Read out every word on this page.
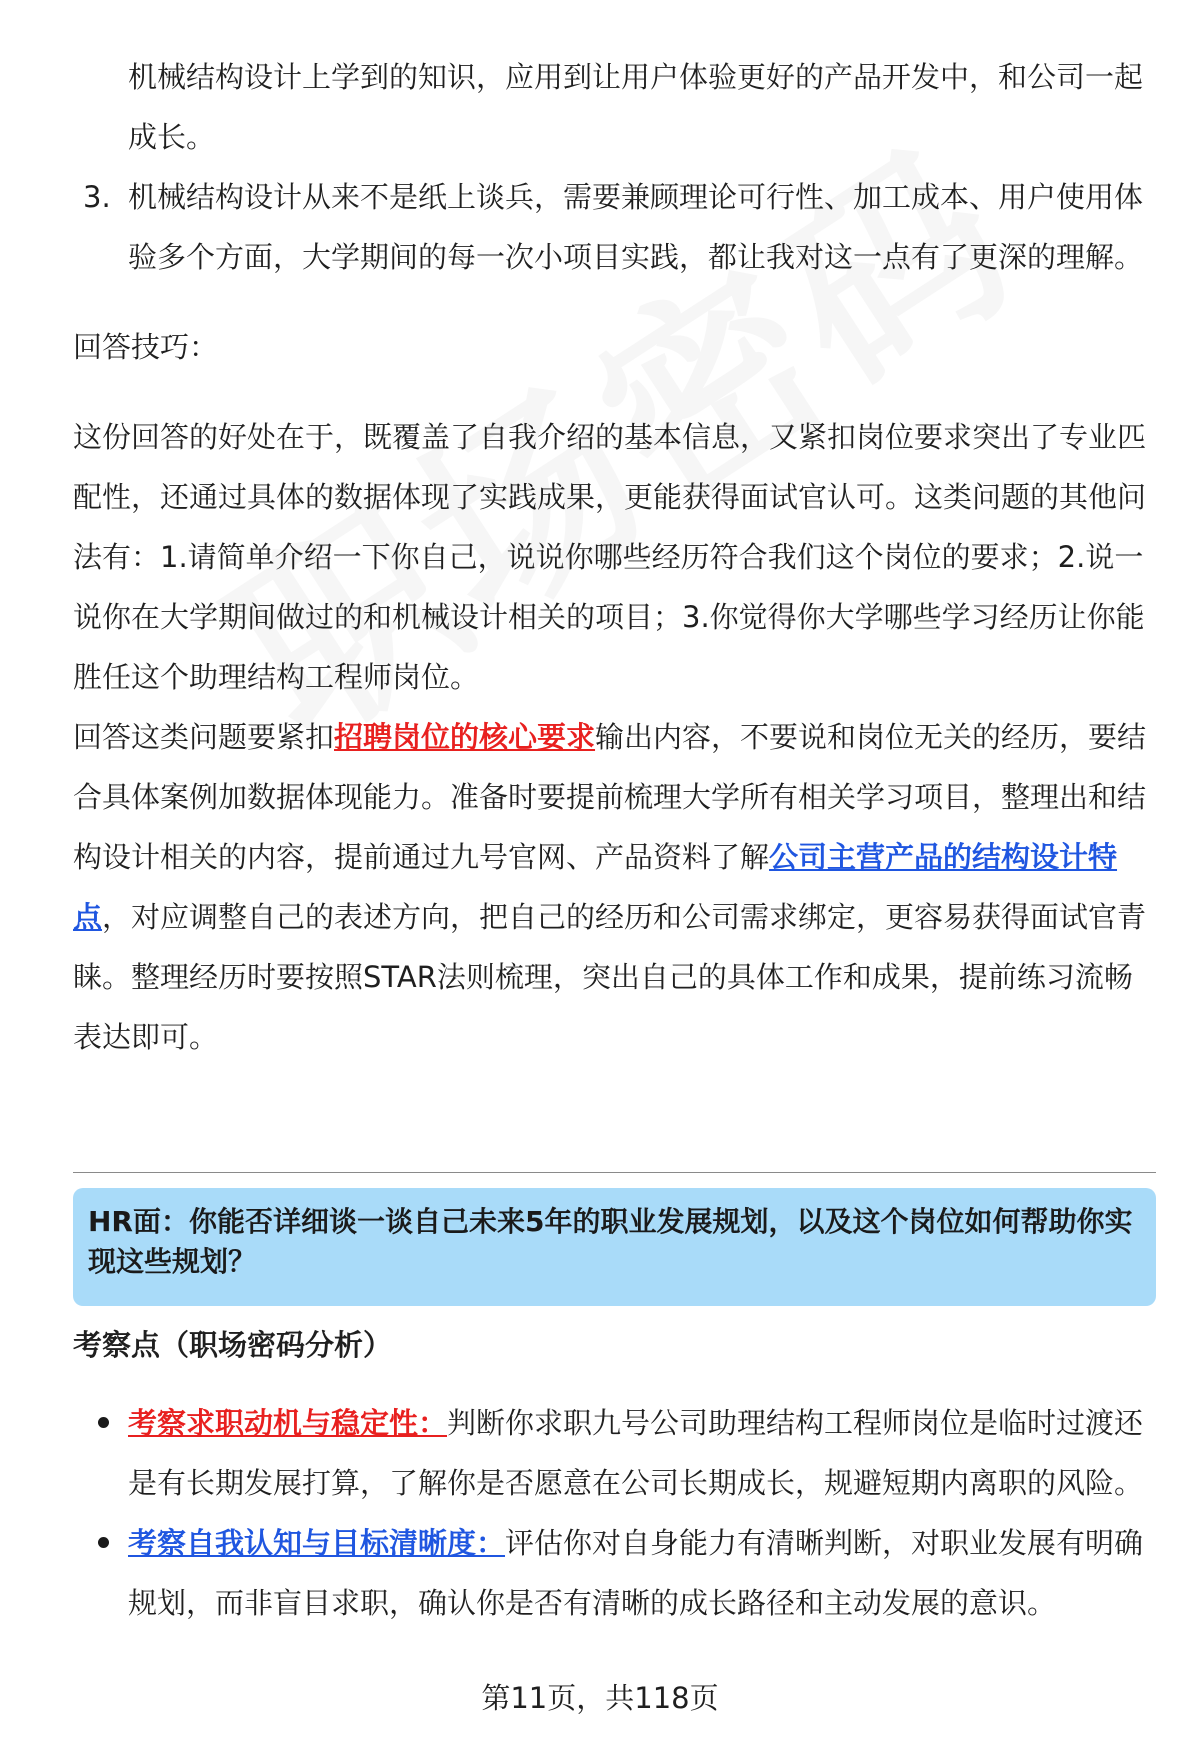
机械结构设计上学到的知识，应用到让用户体验更好的产品开发中，和公司一起成长。
3. 机械结构设计从来不是纸上谈兵，需要兼顾理论可行性、加工成本、用户使用体验多个方面，大学期间的每一次小项目实践，都让我对这一点有了更深的理解。
回答技巧：
这份回答的好处在于，既覆盖了自我介绍的基本信息，又紧扣岗位要求突出了专业匹配性，还通过具体的数据体现了实践成果，更能获得面试官认可。这类问题的其他问法有：1.请简单介绍一下你自己，说说你哪些经历符合我们这个岗位的要求；2.说一说你在大学期间做过的和机械设计相关的项目；3.你觉得你大学哪些学习经历让你能胜任这个助理结构工程师岗位。
回答这类问题要紧扣招聘岗位的核心要求输出内容，不要说和岗位无关的经历，要结合具体案例加数据体现能力。准备时要提前梳理大学所有相关学习项目，整理出和结构设计相关的内容，提前通过九号官网、产品资料了解公司主营产品的结构设计特点，对应调整自己的表述方向，把自己的经历和公司需求绑定，更容易获得面试官青睐。整理经历时要按照STAR法则梳理，突出自己的具体工作和成果，提前练习流畅表达即可。
HR面：你能否详细谈一谈自己未来5年的职业发展规划，以及这个岗位如何帮助你实现这些规划？
考察点（职场密码分析）
考察求职动机与稳定性：判断你求职九号公司助理结构工程师岗位是临时过渡还是有长期发展打算，了解你是否愿意在公司长期成长，规避短期内离职的风险。
考察自我认知与目标清晰度：评估你对自身能力有清晰判断，对职业发展有明确规划，而非盲目求职，确认你是否有清晰的成长路径和主动发展的意识。
第11页，共118页
